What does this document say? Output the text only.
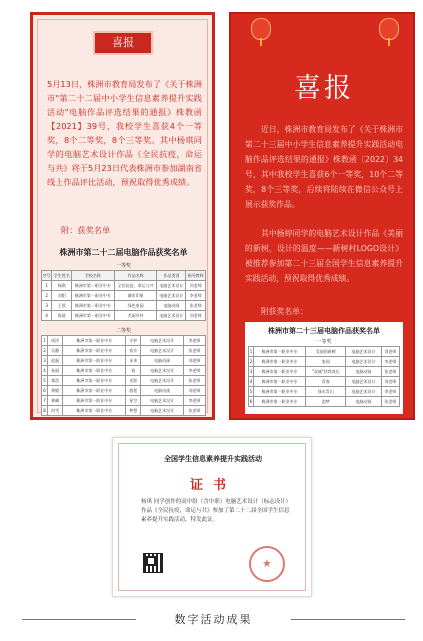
喜报
5月13日，株洲市教育局发布了《关于株洲市"第二十二届中小学生信息素养提升实践活动"电脑作品评选结果的通报》株教函【2021】39号，我校学生喜获4个一等奖，8个二等奖，8个三等奖。其中杨琪同学的电脑艺术设计作品《全民抗疫，命运与共》将于5月23日代表株洲市参加湖南省线上作品评比活动，预祝取得优秀成绩。
附：获奖名单
株洲市第二十二届电脑作品获奖名单
一等奖
序号	学生姓名	学校名称	作品名称	作品类别	指导教师
1	杨琪	株洲市第一职业中专	全民抗疫，命运与共	电脑艺术设计	刘老师
2	刘阳	株洲市第一职业中专	城市印象	电脑艺术设计	李老师
3	王欣	株洲市第一职业中专	绿色家园	电脑动画	张老师
4	陈晨	株洲市第一职业中专	美丽乡村	电脑艺术设计	刘老师
二等奖
1	周洋	株洲市第一职业中专	守护	电脑艺术设计	李老师
2	吴静	株洲市第一职业中专	家乡	电脑艺术设计	张老师
3	赵磊	株洲市第一职业中专	未来	电脑动画	刘老师
4	孙丽	株洲市第一职业中专	春	电脑艺术设计	李老师
5	郑浩	株洲市第一职业中专	光影	电脑艺术设计	张老师
6	黄敏	株洲市第一职业中专	旅程	电脑动画	刘老师
7	林峰	株洲市第一职业中专	星空	电脑艺术设计	李老师
8	何雪	株洲市第一职业中专	梦想	电脑艺术设计	张老师
喜报
近日，株洲市教育局发布了《关于株洲市第二十三届中小学生信息素养提升实践活动电脑作品评选结果的通报》株教函〔2022〕34号，其中我校学生喜获6个一等奖，10个二等奖，8个三等奖，后续将陆续在微信公众号上展示获奖作品。
其中杨婷同学的电脑艺术设计作品《美丽的新树，设计的温度——新树村LOGO设计》被推荐参加第二十三届全国学生信息素养提升实践活动，预祝取得优秀成绩。
附获奖名单：
株洲市第二十三届电脑作品获奖名单
一等奖
1	株洲市第一职业中专	美丽的新树	电脑艺术设计	刘老师
2	株洲市第一职业中专	家园	电脑艺术设计	李老师
3	株洲市第一职业中专	"双减"伴我成长	电脑动画	张老师
4	株洲市第一职业中专	青春	电脑艺术设计	刘老师
5	株洲市第一职业中专	绿水青山	电脑艺术设计	李老师
6	株洲市第一职业中专	追梦	电脑动画	张老师
全国学生信息素养提升实践活动
证书
杨琪 同学创作的高中组（含中职）电脑艺术设计（标志设计）作品《全民抗疫，命运与共》参加了第二十二届全国学生信息素养提升实践活动，特发此证。
★
数字活动成果
